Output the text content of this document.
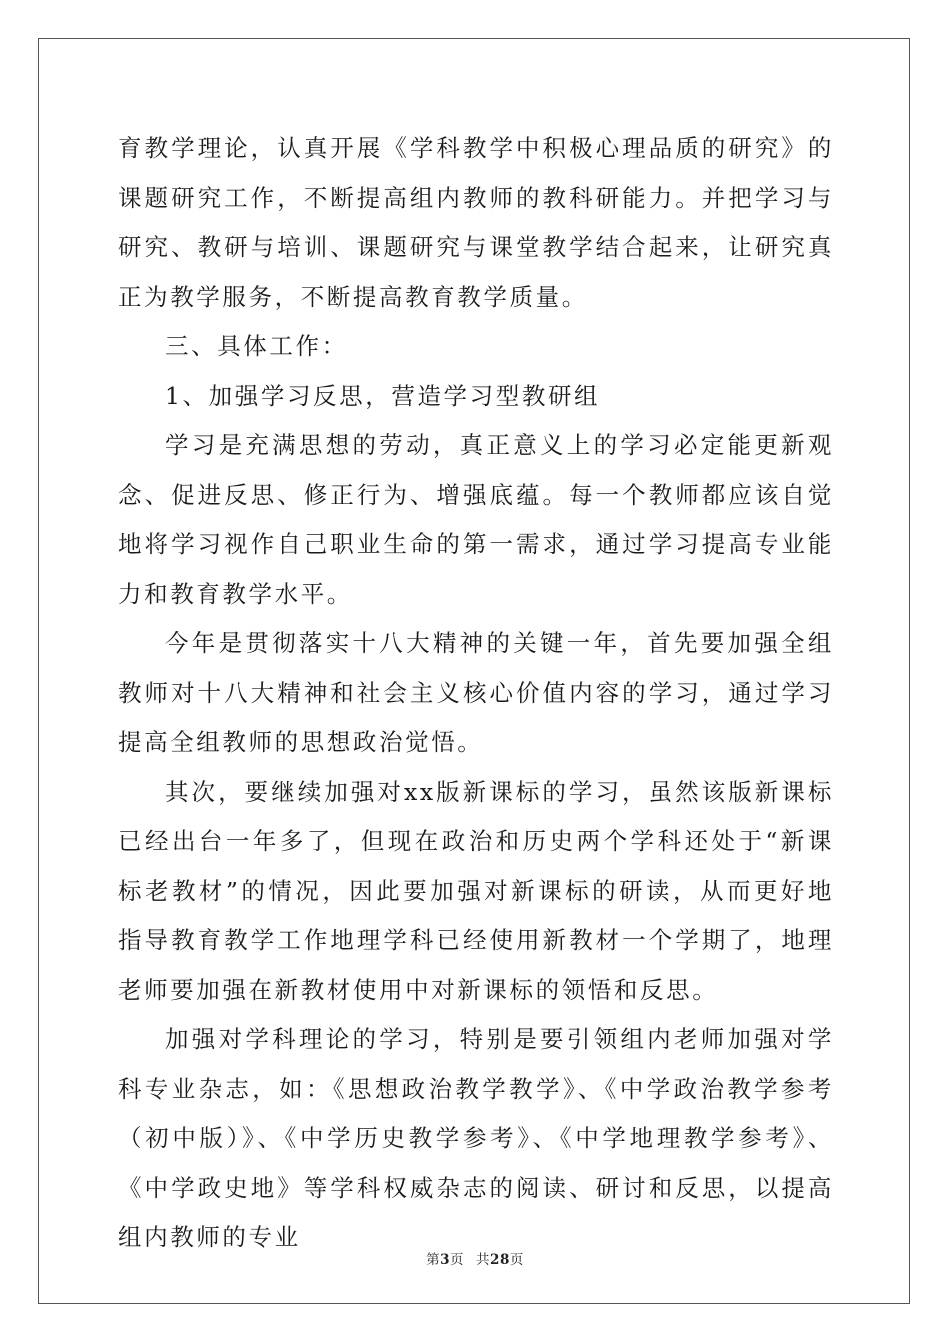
育教学理论，认真开展《学科教学中积极心理品质的研究》的课题研究工作，不断提高组内教师的教科研能力。并把学习与研究、教研与培训、课题研究与课堂教学结合起来，让研究真正为教学服务，不断提高教育教学质量。

三、具体工作：

1、加强学习反思，营造学习型教研组

学习是充满思想的劳动，真正意义上的学习必定能更新观念、促进反思、修正行为、增强底蕴。每一个教师都应该自觉地将学习视作自己职业生命的第一需求，通过学习提高专业能力和教育教学水平。

今年是贯彻落实十八大精神的关键一年，首先要加强全组教师对十八大精神和社会主义核心价值内容的学习，通过学习提高全组教师的思想政治觉悟。

其次，要继续加强对xx版新课标的学习，虽然该版新课标已经出台一年多了，但现在政治和历史两个学科还处于“新课标老教材”的情况，因此要加强对新课标的研读，从而更好地指导教育教学工作地理学科已经使用新教材一个学期了，地理老师要加强在新教材使用中对新课标的领悟和反思。

加强对学科理论的学习，特别是要引领组内老师加强对学科专业杂志，如：《思想政治教学教学》、《中学政治教学参考（初中版）》、《中学历史教学参考》、《中学地理教学参考》、《中学政史地》等学科权威杂志的阅读、研讨和反思，以提高组内教师的专业

第3页 共28页
